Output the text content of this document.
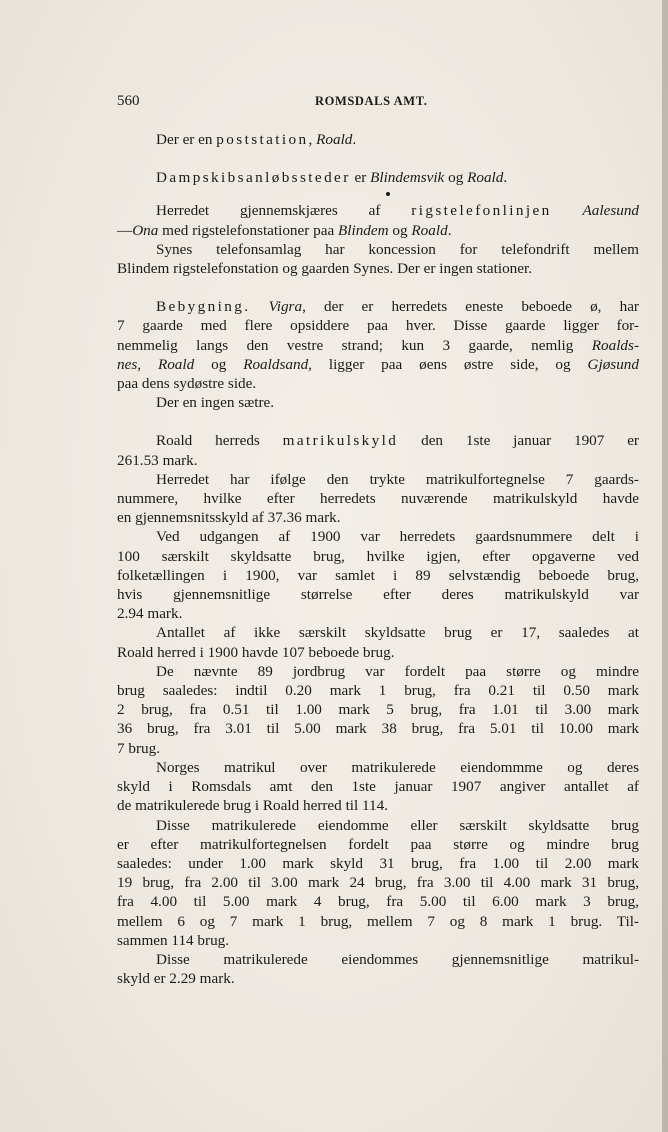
560	ROMSDALS AMT.
Der er en poststation, Roald.
Dampskibsanløbssteder er Blindemsvik og Roald.
Herredet gjennemskjæres af rigstelefonlinjen Aalesund
—Ona med rigstelefonstationer paa Blindem og Roald.
Synes telefonsamlag har koncession for telefondrift mellem
Blindem rigstelefonstation og gaarden Synes. Der er ingen stationer.
Bebygning. Vigra, der er herredets eneste beboede ø, har
7 gaarde med flere opsiddere paa hver. Disse gaarde ligger for-
nemmelig langs den vestre strand; kun 3 gaarde, nemlig Roalds-
nes, Roald og Roaldsand, ligger paa øens østre side, og Gjøsund
paa dens sydøstre side.
Der en ingen sætre.
Roald herreds matrikulskyld den 1ste januar 1907 er
261.53 mark.
Herredet har ifølge den trykte matrikulfortegnelse 7 gaards-
nummere, hvilke efter herredets nuværende matrikulskyld havde
en gjennemsnitsskyld af 37.36 mark.
Ved udgangen af 1900 var herredets gaardsnummere delt i
100 særskilt skyldsatte brug, hvilke igjen, efter opgaverne ved
folketællingen i 1900, var samlet i 89 selvstændig beboede brug,
hvis gjennemsnitlige størrelse efter deres matrikulskyld var
2.94 mark.
Antallet af ikke særskilt skyldsatte brug er 17, saaledes at
Roald herred i 1900 havde 107 beboede brug.
De nævnte 89 jordbrug var fordelt paa større og mindre
brug saaledes: indtil 0.20 mark 1 brug, fra 0.21 til 0.50 mark
2 brug, fra 0.51 til 1.00 mark 5 brug, fra 1.01 til 3.00 mark
36 brug, fra 3.01 til 5.00 mark 38 brug, fra 5.01 til 10.00 mark
7 brug.
Norges matrikul over matrikulerede eiendommme og deres
skyld i Romsdals amt den 1ste januar 1907 angiver antallet af
de matrikulerede brug i Roald herred til 114.
Disse matrikulerede eiendomme eller særskilt skyldsatte brug
er efter matrikulfortegnelsen fordelt paa større og mindre brug
saaledes: under 1.00 mark skyld 31 brug, fra 1.00 til 2.00 mark
19 brug, fra 2.00 til 3.00 mark 24 brug, fra 3.00 til 4.00 mark 31 brug,
fra 4.00 til 5.00 mark 4 brug, fra 5.00 til 6.00 mark 3 brug,
mellem 6 og 7 mark 1 brug, mellem 7 og 8 mark 1 brug. Til-
sammen 114 brug.
Disse matrikulerede eiendommes gjennemsnitlige matrikul-
skyld er 2.29 mark.
